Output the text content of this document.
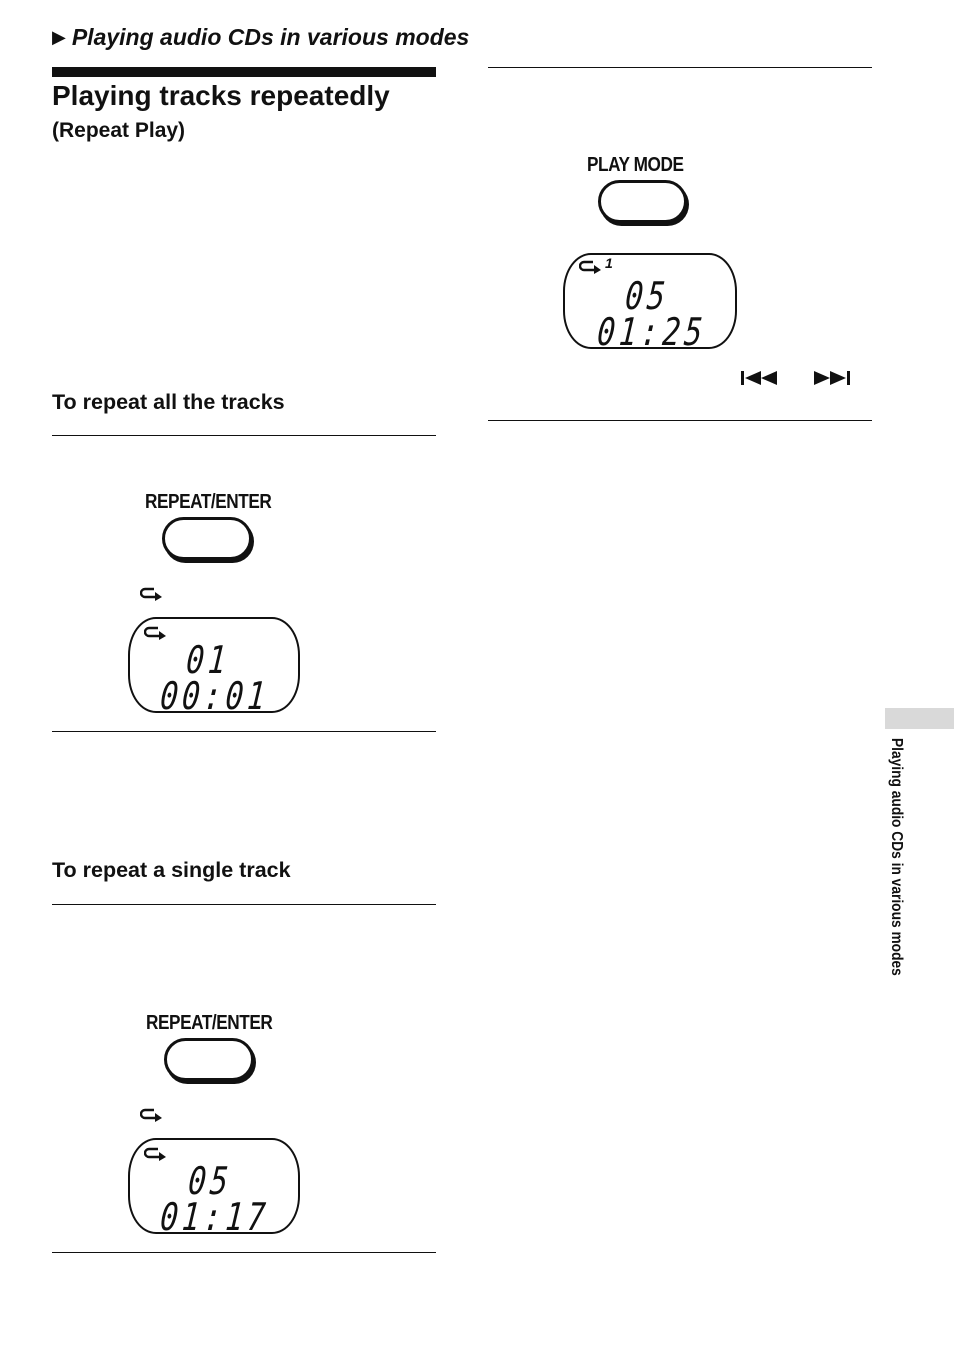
▶ Playing audio CDs in various modes
Playing tracks repeatedly (Repeat Play)
To repeat all the tracks
REPEAT/ENTER
01
00:01
To repeat a single track
REPEAT/ENTER
05
01:17
PLAY MODE
1
05
01:25
Playing audio CDs in various modes
